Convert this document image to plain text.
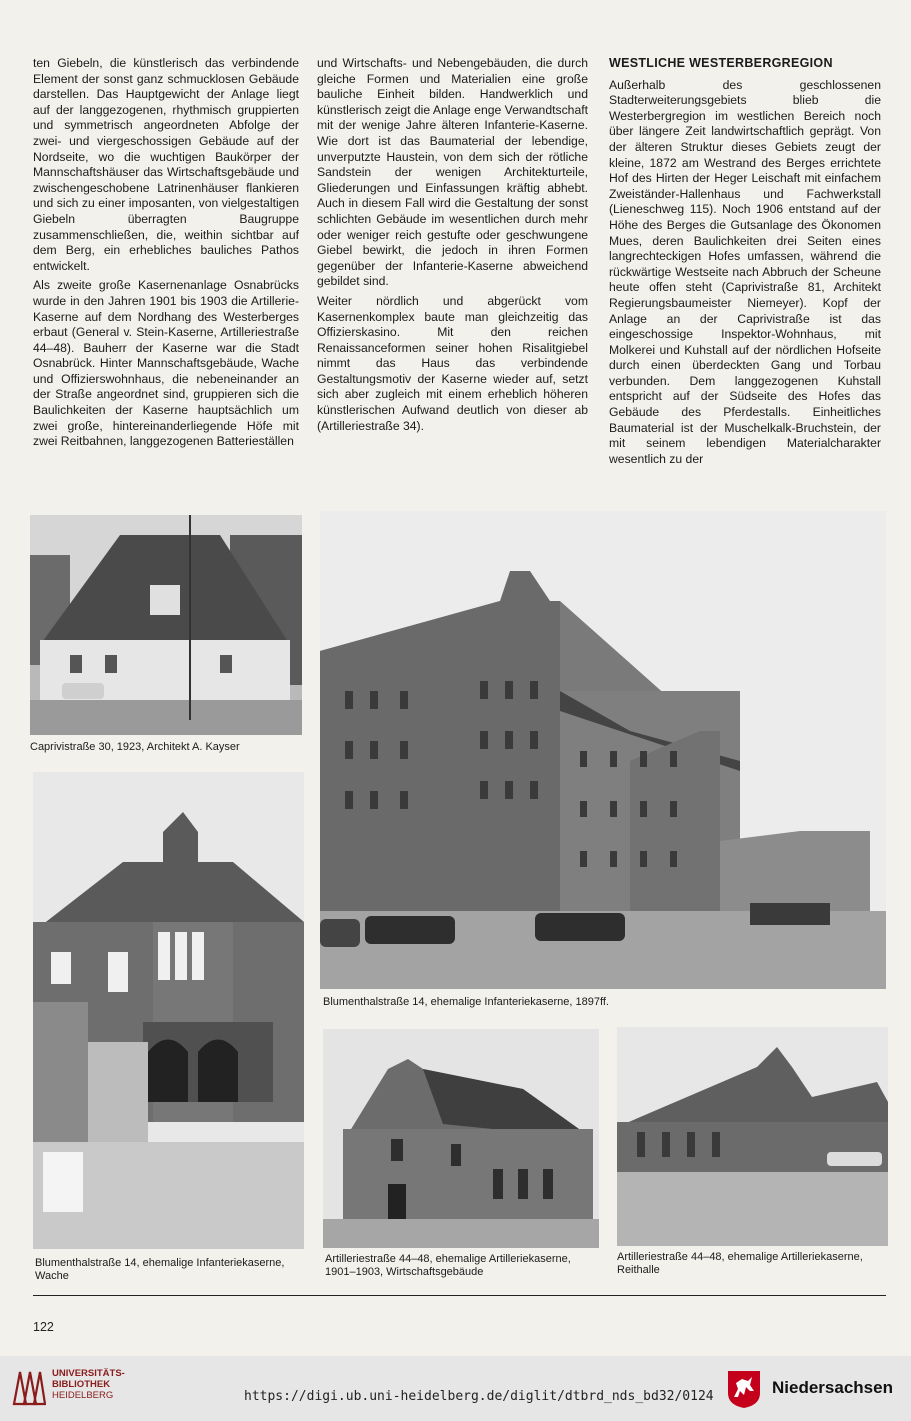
ten Giebeln, die künstlerisch das verbindende Element der sonst ganz schmucklosen Gebäude darstellen. Das Hauptgewicht der Anlage liegt auf der langgezogenen, rhythmisch gruppierten und symmetrisch angeordneten Abfolge der zwei- und viergeschossigen Gebäude auf der Nordseite, wo die wuchtigen Baukörper der Mannschaftshäuser das Wirtschaftsgebäude und zwischengeschobene Latrinenhäuser flankieren und sich zu einer imposanten, von vielgestaltigen Giebeln überragten Baugruppe zusammenschließen, die, weithin sichtbar auf dem Berg, ein erhebliches bauliches Pathos entwickelt.

Als zweite große Kasernenanlage Osnabrücks wurde in den Jahren 1901 bis 1903 die Artillerie-Kaserne auf dem Nordhang des Westerberges erbaut (General v. Stein-Kaserne, Artilleriestraße 44–48). Bauherr der Kaserne war die Stadt Osnabrück. Hinter Mannschaftsgebäude, Wache und Offizierswohnhaus, die nebeneinander an der Straße angeordnet sind, gruppieren sich die Baulichkeiten der Kaserne hauptsächlich um zwei große, hintereinanderliegende Höfe mit zwei Reitbahnen, langgezogenen Batterieställen

und Wirtschafts- und Nebengebäuden, die durch gleiche Formen und Materialien eine große bauliche Einheit bilden. Handwerklich und künstlerisch zeigt die Anlage enge Verwandtschaft mit der wenige Jahre älteren Infanterie-Kaserne. Wie dort ist das Baumaterial der lebendige, unverputzte Haustein, von dem sich der rötliche Sandstein der wenigen Architekturteile, Gliederungen und Einfassungen kräftig abhebt. Auch in diesem Fall wird die Gestaltung der sonst schlichten Gebäude im wesentlichen durch mehr oder weniger reich gestufte oder geschwungene Giebel bewirkt, die jedoch in ihren Formen gegenüber der Infanterie-Kaserne abweichend gebildet sind.

Weiter nördlich und abgerückt vom Kasernenkomplex baute man gleichzeitig das Offizierskasino. Mit den reichen Renaissanceformen seiner hohen Risalitgiebel nimmt das Haus das verbindende Gestaltungsmotiv der Kaserne wieder auf, setzt sich aber zugleich mit einem erheblich höheren künstlerischen Aufwand deutlich von dieser ab (Artilleriestraße 34).

WESTLICHE WESTERBERGREGION

Außerhalb des geschlossenen Stadterweiterungsgebiets blieb die Westerbergregion im westlichen Bereich noch über längere Zeit landwirtschaftlich geprägt. Von der älteren Struktur dieses Gebiets zeugt der kleine, 1872 am Westrand des Berges errichtete Hof des Hirten der Heger Leischaft mit einfachem Zweiständer-Hallenhaus und Fachwerkstall (Lieneschweg 115). Noch 1906 entstand auf der Höhe des Berges die Gutsanlage des Ökonomen Mues, deren Baulichkeiten drei Seiten eines langrechteckigen Hofes umfassen, während die rückwärtige Westseite nach Abbruch der Scheune heute offen steht (Caprivistraße 81, Architekt Regierungsbaumeister Niemeyer). Kopf der Anlage an der Caprivistraße ist das eingeschossige Inspektor-Wohnhaus, mit Molkerei und Kuhstall auf der nördlichen Hofseite durch einen überdeckten Gang und Torbau verbunden. Dem langgezogenen Kuhstall entspricht auf der Südseite des Hofes das Gebäude des Pferdestalls. Einheitliches Baumaterial ist der Muschelkalk-Bruchstein, der mit seinem lebendigen Materialcharakter wesentlich zu der

Caprivistraße 30, 1923, Architekt A. Kayser
Blumenthalstraße 14, ehemalige Infanteriekaserne, 1897ff.
Blumenthalstraße 14, ehemalige Infanteriekaserne,
Wache
Artilleriestraße 44–48, ehemalige Artilleriekaserne,
1901–1903, Wirtschaftsgebäude
Artilleriestraße 44–48, ehemalige Artilleriekaserne,
Reithalle
122
UNIVERSITÄTS-
BIBLIOTHEK
HEIDELBERG	https://digi.ub.uni-heidelberg.de/diglit/dtbrd_nds_bd32/0124	Niedersachsen
